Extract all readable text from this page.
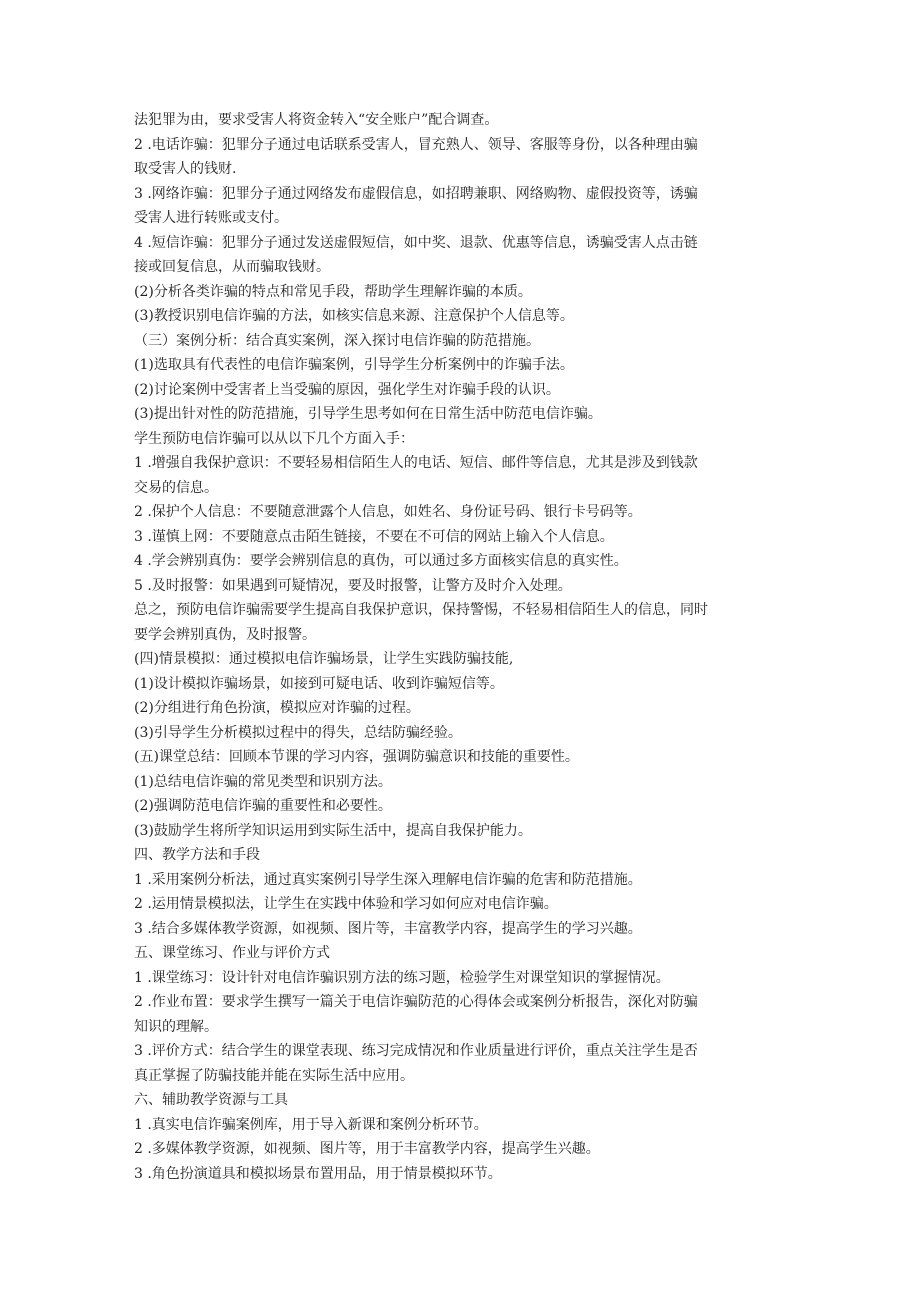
法犯罪为由，要求受害人将资金转入“安全账户”配合调查。
2 .电话诈骗：犯罪分子通过电话联系受害人，冒充熟人、领导、客服等身份，以各种理由骗
取受害人的钱财.
3 .网络诈骗：犯罪分子通过网络发布虚假信息，如招聘兼职、网络购物、虚假投资等，诱骗
受害人进行转账或支付。
4 .短信诈骗：犯罪分子通过发送虚假短信，如中奖、退款、优惠等信息，诱骗受害人点击链
接或回复信息，从而骗取钱财。
(2)分析各类诈骗的特点和常见手段，帮助学生理解诈骗的本质。
(3)教授识别电信诈骗的方法，如核实信息来源、注意保护个人信息等。
（三）案例分析：结合真实案例，深入探讨电信诈骗的防范措施。
(1)选取具有代表性的电信诈骗案例，引导学生分析案例中的诈骗手法。
(2)讨论案例中受害者上当受骗的原因，强化学生对诈骗手段的认识。
(3)提出针对性的防范措施，引导学生思考如何在日常生活中防范电信诈骗。
学生预防电信诈骗可以从以下几个方面入手：
1 .增强自我保护意识：不要轻易相信陌生人的电话、短信、邮件等信息，尤其是涉及到钱款
交易的信息。
2 .保护个人信息：不要随意泄露个人信息，如姓名、身份证号码、银行卡号码等。
3 .谨慎上网：不要随意点击陌生链接，不要在不可信的网站上输入个人信息。
4 .学会辨别真伪：要学会辨别信息的真伪，可以通过多方面核实信息的真实性。
5 .及时报警：如果遇到可疑情况，要及时报警，让警方及时介入处理。
总之，预防电信诈骗需要学生提高自我保护意识，保持警惕，不轻易相信陌生人的信息，同时
要学会辨别真伪，及时报警。
(四)情景模拟：通过模拟电信诈骗场景，让学生实践防骗技能,
(1)设计模拟诈骗场景，如接到可疑电话、收到诈骗短信等。
(2)分组进行角色扮演，模拟应对诈骗的过程。
(3)引导学生分析模拟过程中的得失，总结防骗经验。
(五)课堂总结：回顾本节课的学习内容，强调防骗意识和技能的重要性。
(1)总结电信诈骗的常见类型和识别方法。
(2)强调防范电信诈骗的重要性和必要性。
(3)鼓励学生将所学知识运用到实际生活中，提高自我保护能力。
四、教学方法和手段
1 .采用案例分析法，通过真实案例引导学生深入理解电信诈骗的危害和防范措施。
2 .运用情景模拟法，让学生在实践中体验和学习如何应对电信诈骗。
3 .结合多媒体教学资源，如视频、图片等，丰富教学内容，提高学生的学习兴趣。
五、课堂练习、作业与评价方式
1 .课堂练习：设计针对电信诈骗识别方法的练习题，检验学生对课堂知识的掌握情况。
2 .作业布置：要求学生撰写一篇关于电信诈骗防范的心得体会或案例分析报告，深化对防骗
知识的理解。
3 .评价方式：结合学生的课堂表现、练习完成情况和作业质量进行评价，重点关注学生是否
真正掌握了防骗技能并能在实际生活中应用。
六、辅助教学资源与工具
1 .真实电信诈骗案例库，用于导入新课和案例分析环节。
2 .多媒体教学资源，如视频、图片等，用于丰富教学内容，提高学生兴趣。
3 .角色扮演道具和模拟场景布置用品，用于情景模拟环节。
